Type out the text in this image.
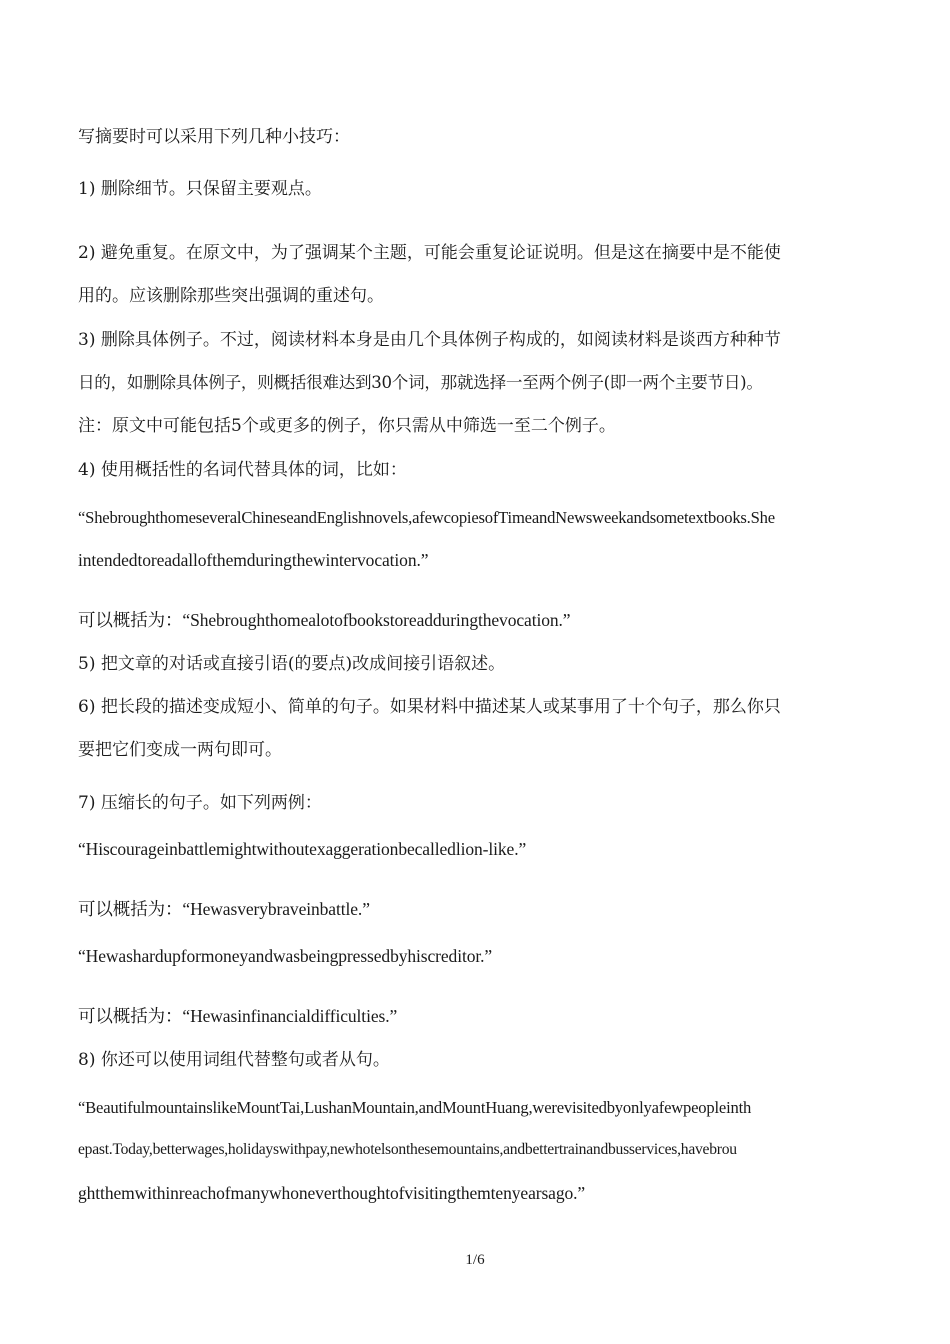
写摘要时可以采用下列几种小技巧：
1) 删除细节。只保留主要观点。
2) 避免重复。在原文中，为了强调某个主题，可能会重复论证说明。但是这在摘要中是不能使
用的。应该删除那些突出强调的重述句。
3) 删除具体例子。不过，阅读材料本身是由几个具体例子构成的，如阅读材料是谈西方种种节
日的，如删除具体例子，则概括很难达到30个词，那就选择一至两个例子(即一两个主要节日)。
注：原文中可能包括5个或更多的例子，你只需从中筛选一至二个例子。
4) 使用概括性的名词代替具体的词，比如：
“ShebroughthomeseveralChineseandEnglishnovels,afewcopiesofTimeandNewsweekandsometextbooks.She
intendedtoreadallofthemduringthewintervocation.”
可以概括为：“Shebroughthomealotofbookstoreadduringthevocation.”
5) 把文章的对话或直接引语(的要点)改成间接引语叙述。
6) 把长段的描述变成短小、简单的句子。如果材料中描述某人或某事用了十个句子，那么你只
要把它们变成一两句即可。
7) 压缩长的句子。如下列两例：
“Hiscourageinbattlemightwithoutexaggerationbecalledlion-like.”
可以概括为：“Hewasverybraveinbattle.”
“Hewashardupformoneyandwasbeingpressedbyhiscreditor.”
可以概括为：“Hewasinfinancialdifficulties.”
8) 你还可以使用词组代替整句或者从句。
“BeautifulmountainslikeMountTai,LushanMountain,andMountHuang,werevisitedbyonlyafewpeopleinth
epast.Today,betterwages,holidayswithpay,newhotelsonthesemountains,andbettertrainandbusservices,havebrou
ghtthemwithinreachofmanywhoneverthoughtofvisitingthemtenyearsago.”
1/6
